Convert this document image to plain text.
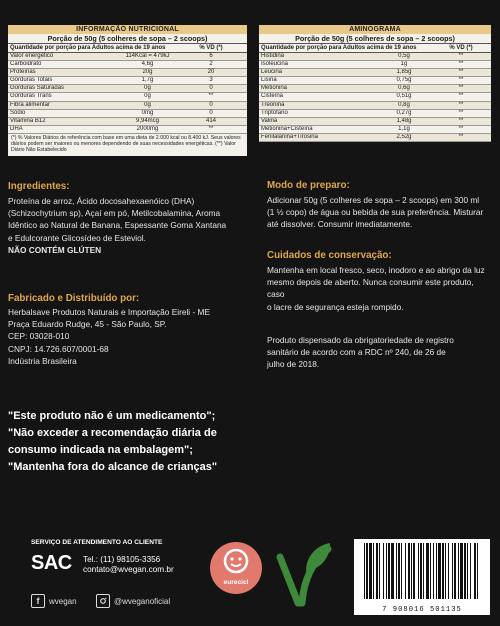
INFORMAÇÃO NUTRICIONAL
Porção de 50g (5 colheres de sopa – 2 scoops)
Quantidade por porção para Adultos acima de 19 anos	% VD (*)
Valor energético	114Kcal = 479kJ	6
Carboidrato	4,6g	2
Proteínas	20g	20
Gorduras Totais	1,7g	3
Gorduras Saturadas	0g	0
Gorduras Trans	0g	**
Fibra alimentar	0g	0
Sódio	0mg	0
Vitamina B12	9,94mcg	414
DHA	2000mg	**
(*) % Valores Diários de referência com base em uma dieta de 2.000 kcal ou 8.400 kJ. Seus valores diários podem ser maiores ou menores dependendo de suas necessidades energéticas. (**) Valor Diário Não Estabelecido
AMINOGRAMA
Porção de 50g (5 colheres de sopa – 2 scoops)
Quantidade por porção para Adultos acima de 19 anos	% VD (*)
Histidina	0,5g	**
Isoleucina	1g	**
Leucina	1,85g	**
Lisina	0,75g	**
Metionina	0,6g	**
Cisteína	0,51g	**
Treonina	0,8g	**
Triptofano	0,27g	**
Valina	1,48g	**
Metionina+Cisteína	1,1g	**
Fenilalanina+Tirosina	2,52g	**
Ingredientes:
Proteína de arroz, Ácido docosahexaenóico (DHA)
(Schizochytrium sp), Açaí em pó, Metilcobalamina, Aroma
Idêntico ao Natural de Banana, Espessante Goma Xantana
e Edulcorante Glicosídeo de Esteviol.
NÃO CONTÉM GLÚTEN
Fabricado e Distribuído por:
Herbalsave Produtos Naturais e Importação Eireli - ME
Praça Eduardo Rudge, 45 - São Paulo, SP.
CEP: 03028-010
CNPJ: 14.726.607/0001-68
Indústria Brasileira
Modo de preparo:
Adicionar 50g (5 colheres de sopa – 2 scoops) em 300 ml
(1 ½ copo) de água ou bebida de sua preferência. Misturar
até dissolver. Consumir imediatamente.
Cuidados de conservação:
Mantenha em local fresco, seco, inodoro e ao abrigo da luz
mesmo depois de aberto. Nunca consumir este produto, caso
o lacre de segurança esteja rompido.
Produto dispensado da obrigatoriedade de registro
sanitário de acordo com a RDC nº 240, de 26 de
julho de 2018.
"Este produto não é um medicamento";
"Não exceder a recomendação diária de
consumo indicada na embalagem";
"Mantenha fora do alcance de crianças"
SERVIÇO DE ATENDIMENTO AO CLIENTE
SAC Tel.: (11) 98105-3356
contato@wvegan.com.br
f	wvegan	@wveganoficial
eurecicl
7 908016 501135
